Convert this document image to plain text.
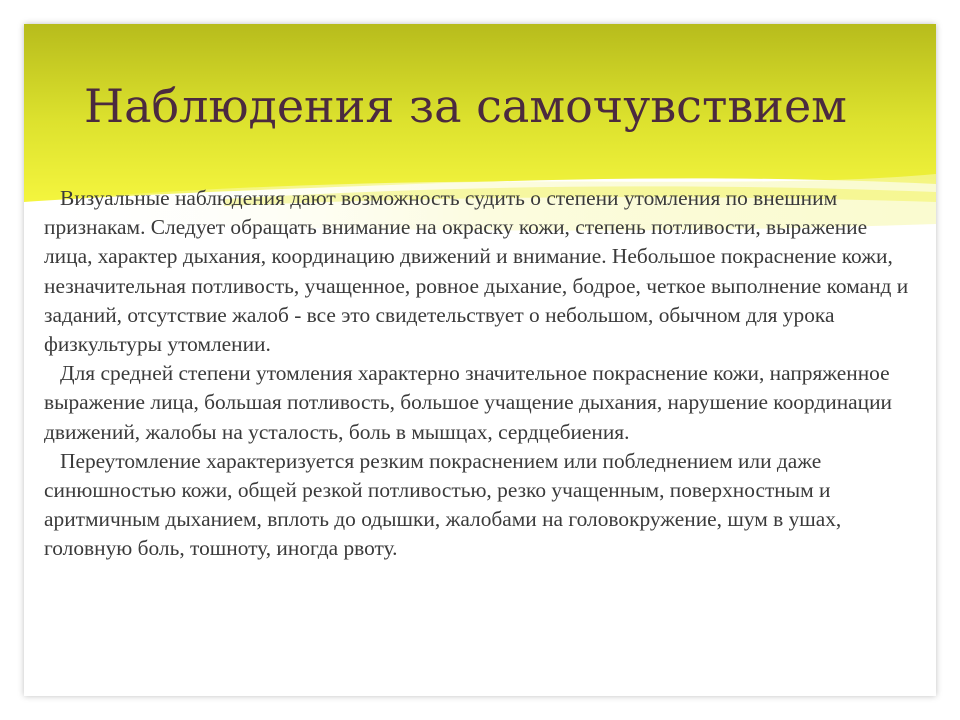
Наблюдения за самочувствием

Визуальные наблюдения дают возможность судить о степени утомления по внешним признакам. Следует обращать внимание на окраску кожи, степень потливости, выражение лица, характер дыхания, координацию движений и внимание. Небольшое покраснение кожи, незначительная потливость, учащенное, ровное дыхание, бодрое, четкое выполнение команд и заданий, отсутствие жалоб - все это свидетельствует о небольшом, обычном для урока физкультуры утомлении.

Для средней степени утомления характерно значительное покраснение кожи, напряженное выражение лица, большая потливость, большое учащение дыхания, нарушение координации движений, жалобы на усталость, боль в мышцах, сердцебиения.

Переутомление характеризуется резким покраснением или побледнением или даже синюшностью кожи, общей резкой потливостью, резко учащенным, поверхностным и аритмичным дыханием, вплоть до одышки, жалобами на головокружение, шум в ушах, головную боль, тошноту, иногда рвоту.
